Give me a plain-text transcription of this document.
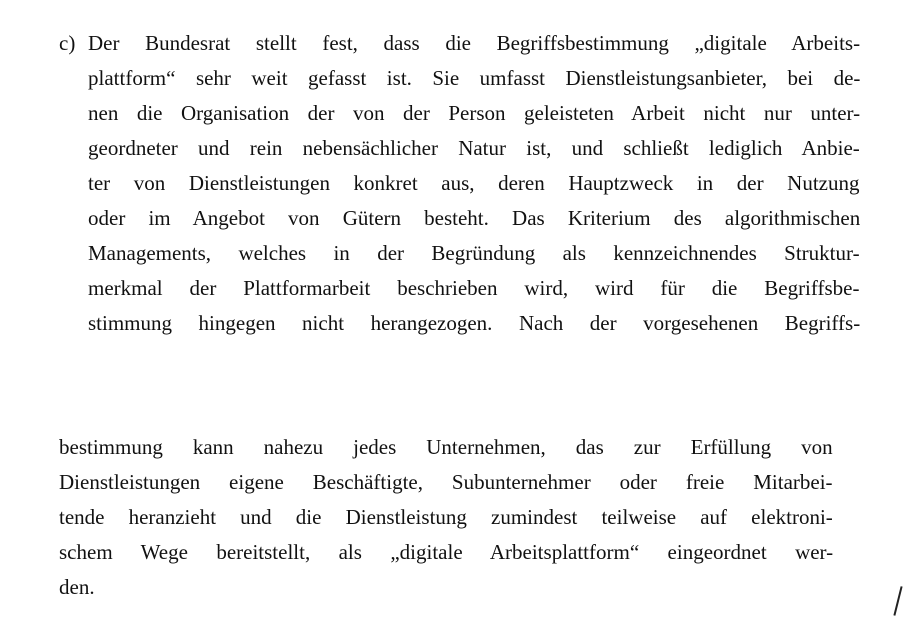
c) Der Bundesrat stellt fest, dass die Begriffsbestimmung „digitale Arbeits-
plattform“ sehr weit gefasst ist. Sie umfasst Dienstleistungsanbieter, bei de-
nen die Organisation der von der Person geleisteten Arbeit nicht nur unter-
geordneter und rein nebensächlicher Natur ist, und schließt lediglich Anbie-
ter von Dienstleistungen konkret aus, deren Hauptzweck in der Nutzung
oder im Angebot von Gütern besteht. Das Kriterium des algorithmischen
Managements, welches in der Begründung als kennzeichnendes Struktur-
merkmal der Plattformarbeit beschrieben wird, wird für die Begriffsbe-
stimmung hingegen nicht herangezogen. Nach der vorgesehenen Begriffs-
bestimmung kann nahezu jedes Unternehmen, das zur Erfüllung von
Dienstleistungen eigene Beschäftigte, Subunternehmer oder freie Mitarbei-
tende heranzieht und die Dienstleistung zumindest teilweise auf elektroni-
schem Wege bereitstellt, als „digitale Arbeitsplattform“ eingeordnet wer-
den.
